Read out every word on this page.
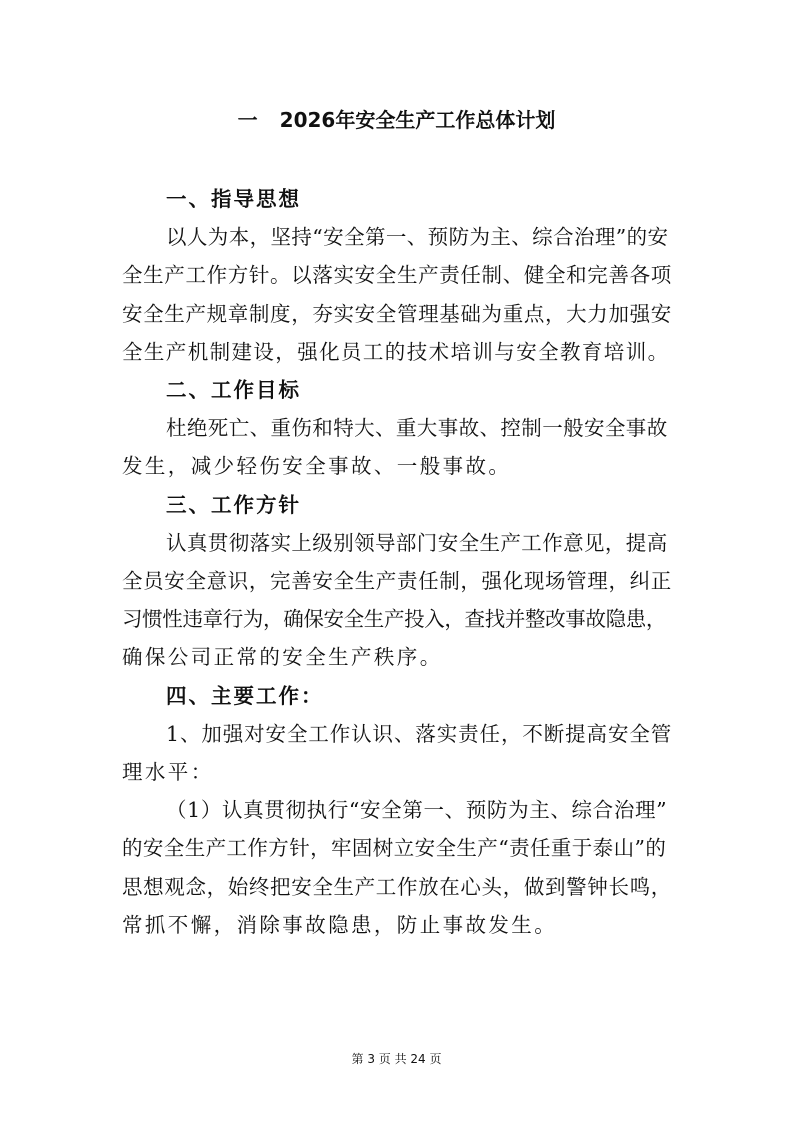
一 2026年安全生产工作总体计划
一、指导思想
以人为本，坚持“安全第一、预防为主、综合治理”的安
全生产工作方针。以落实安全生产责任制、健全和完善各项
安全生产规章制度，夯实安全管理基础为重点，大力加强安
全生产机制建设，强化员工的技术培训与安全教育培训。
二、工作目标
杜绝死亡、重伤和特大、重大事故、控制一般安全事故
发生，减少轻伤安全事故、一般事故。
三、工作方针
认真贯彻落实上级别领导部门安全生产工作意见，提高
全员安全意识，完善安全生产责任制，强化现场管理，纠正
习惯性违章行为，确保安全生产投入，查找并整改事故隐患，
确保公司正常的安全生产秩序。
四、主要工作：
1、加强对安全工作认识、落实责任，不断提高安全管
理水平：
（1）认真贯彻执行“安全第一、预防为主、综合治理”
的安全生产工作方针，牢固树立安全生产“责任重于泰山”的
思想观念，始终把安全生产工作放在心头，做到警钟长鸣，
常抓不懈，消除事故隐患，防止事故发生。
第 3 页 共 24 页
